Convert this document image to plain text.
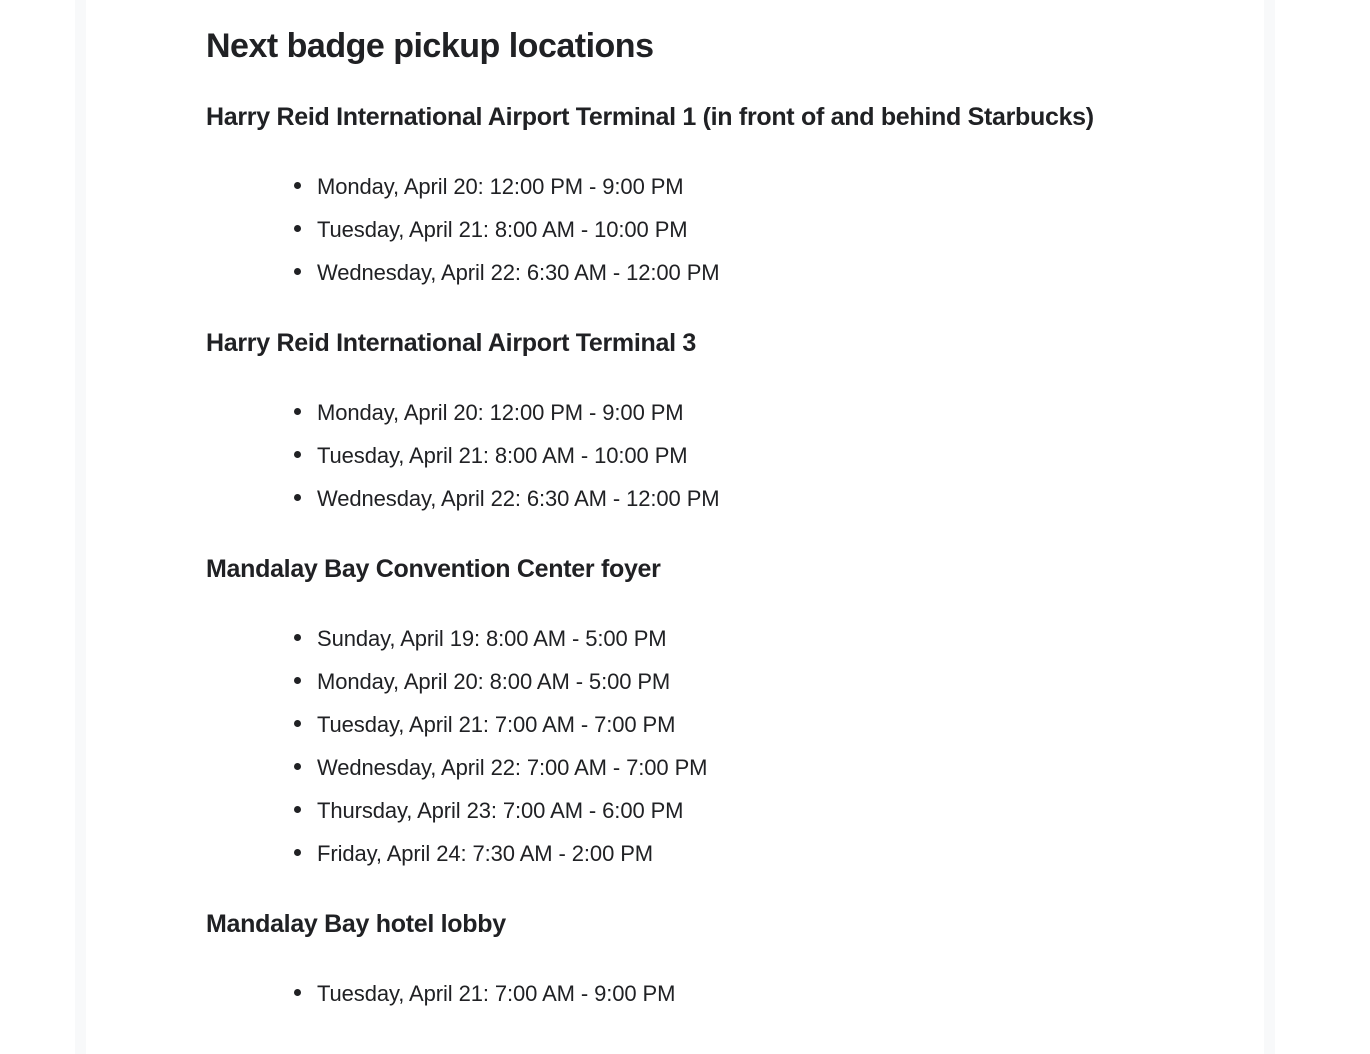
Next badge pickup locations
Harry Reid International Airport Terminal 1 (in front of and behind Starbucks)
Monday, April 20: 12:00 PM - 9:00 PM
Tuesday, April 21: 8:00 AM - 10:00 PM
Wednesday, April 22: 6:30 AM - 12:00 PM
Harry Reid International Airport Terminal 3
Monday, April 20: 12:00 PM - 9:00 PM
Tuesday, April 21: 8:00 AM - 10:00 PM
Wednesday, April 22: 6:30 AM - 12:00 PM
Mandalay Bay Convention Center foyer
Sunday, April 19: 8:00 AM - 5:00 PM
Monday, April 20: 8:00 AM - 5:00 PM
Tuesday, April 21: 7:00 AM - 7:00 PM
Wednesday, April 22: 7:00 AM - 7:00 PM
Thursday, April 23: 7:00 AM - 6:00 PM
Friday, April 24: 7:30 AM - 2:00 PM
Mandalay Bay hotel lobby
Tuesday, April 21: 7:00 AM - 9:00 PM
